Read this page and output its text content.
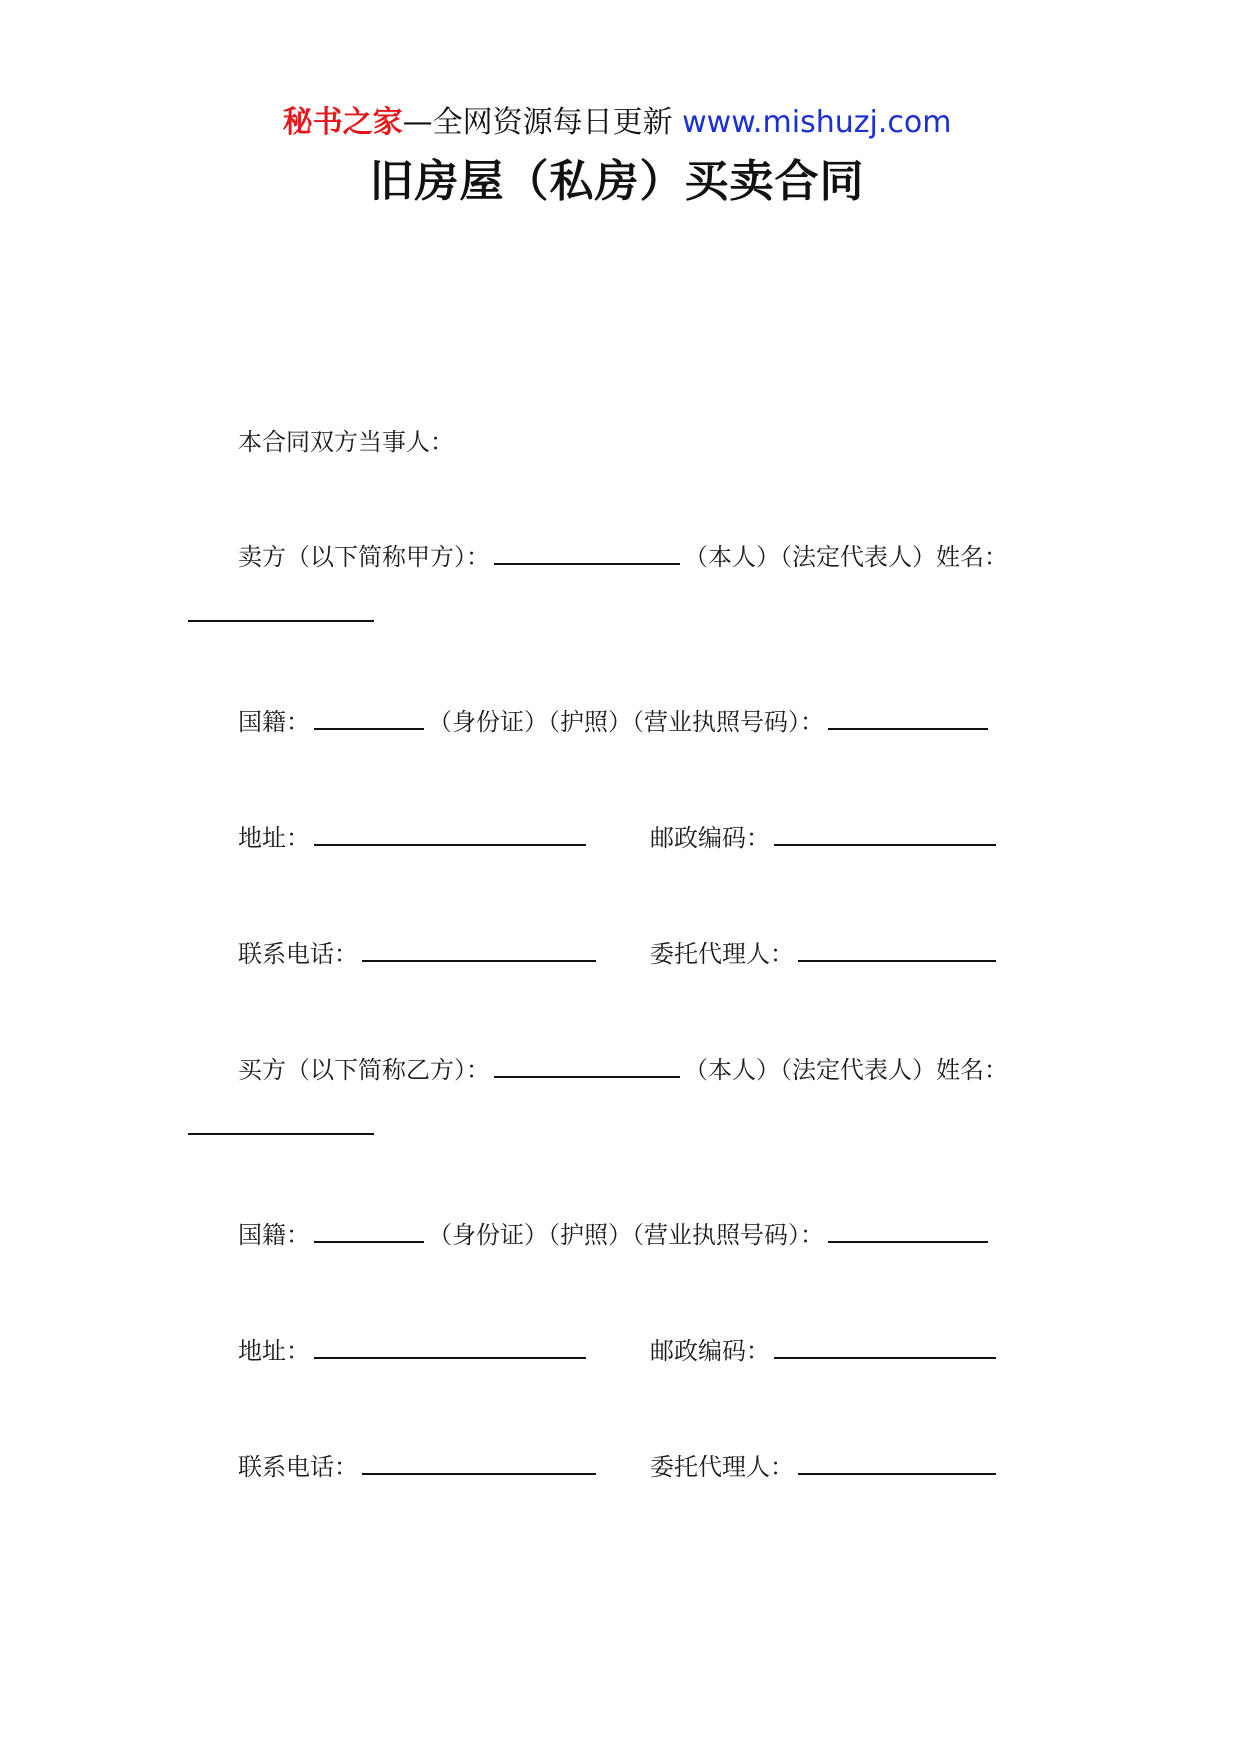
秘书之家—全网资源每日更新 www.mishuzj.com
旧房屋（私房）买卖合同
本合同双方当事人：
卖方（以下简称甲方）：	（本人）（法定代表人）姓名：
国籍：	（身份证）（护照）（营业执照号码）：
地址：	邮政编码：
联系电话：	委托代理人：
买方（以下简称乙方）：	（本人）（法定代表人）姓名：
国籍：	（身份证）（护照）（营业执照号码）：
地址：	邮政编码：
联系电话：	委托代理人：
